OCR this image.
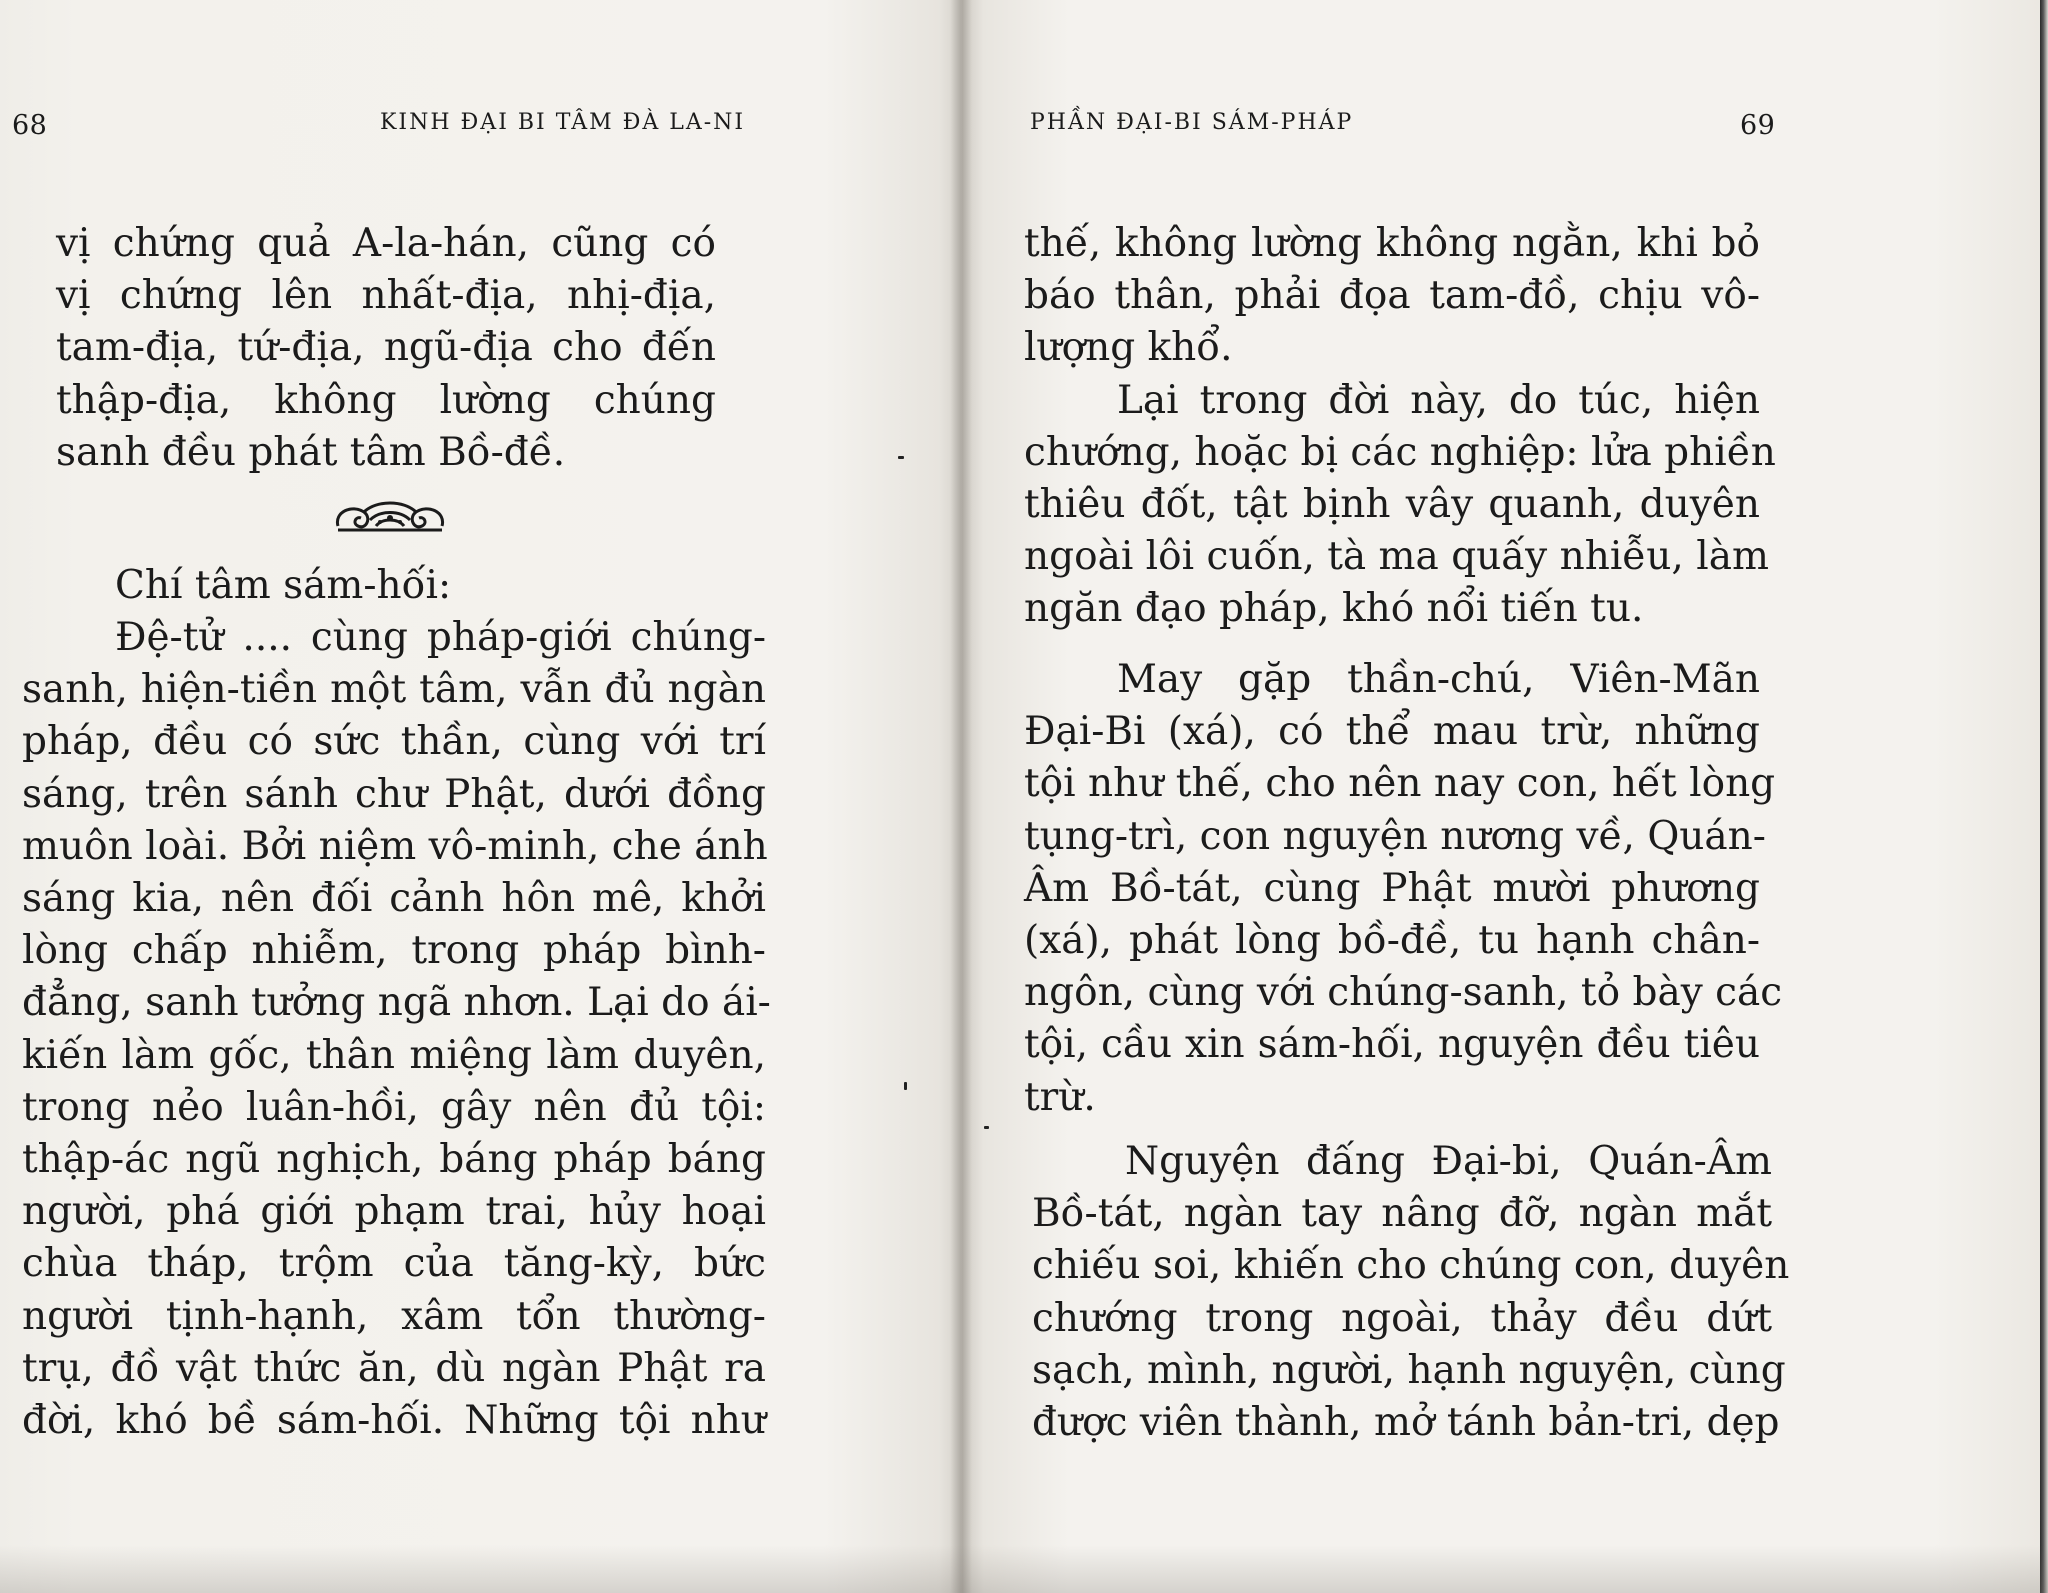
68	KINH ĐẠI BI TÂM ĐÀ LA-NI
vị chứng quả A-la-hán, cũng có
vị chứng lên nhất-địa, nhị-địa,
tam-địa, tứ-địa, ngũ-địa cho đến
thập-địa, không lường chúng
sanh đều phát tâm Bồ-đề.
Chí tâm sám-hối:
Đệ-tử .... cùng pháp-giới chúng-
sanh, hiện-tiền một tâm, vẫn đủ ngàn
pháp, đều có sức thần, cùng với trí
sáng, trên sánh chư Phật, dưới đồng
muôn loài. Bởi niệm vô-minh, che ánh
sáng kia, nên đối cảnh hôn mê, khởi
lòng chấp nhiễm, trong pháp bình-
đẳng, sanh tưởng ngã nhơn. Lại do ái-
kiến làm gốc, thân miệng làm duyên,
trong nẻo luân-hồi, gây nên đủ tội:
thập-ác ngũ nghịch, báng pháp báng
người, phá giới phạm trai, hủy hoại
chùa tháp, trộm của tăng-kỳ, bức
người tịnh-hạnh, xâm tổn thường-
trụ, đồ vật thức ăn, dù ngàn Phật ra
đời, khó bề sám-hối. Những tội như
PHẦN ĐẠI-BI SÁM-PHÁP	69
thế, không lường không ngằn, khi bỏ
báo thân, phải đọa tam-đồ, chịu vô-
lượng khổ.
Lại trong đời này, do túc, hiện
chướng, hoặc bị các nghiệp: lửa phiền
thiêu đốt, tật bịnh vây quanh, duyên
ngoài lôi cuốn, tà ma quấy nhiễu, làm
ngăn đạo pháp, khó nổi tiến tu.
May gặp thần-chú, Viên-Mãn
Đại-Bi (xá), có thể mau trừ, những
tội như thế, cho nên nay con, hết lòng
tụng-trì, con nguyện nương về, Quán-
Âm Bồ-tát, cùng Phật mười phương
(xá), phát lòng bồ-đề, tu hạnh chân-
ngôn, cùng với chúng-sanh, tỏ bày các
tội, cầu xin sám-hối, nguyện đều tiêu
trừ.
Nguyện đấng Đại-bi, Quán-Âm
Bồ-tát, ngàn tay nâng đỡ, ngàn mắt
chiếu soi, khiến cho chúng con, duyên
chướng trong ngoài, thảy đều dứt
sạch, mình, người, hạnh nguyện, cùng
được viên thành, mở tánh bản-tri, dẹp
